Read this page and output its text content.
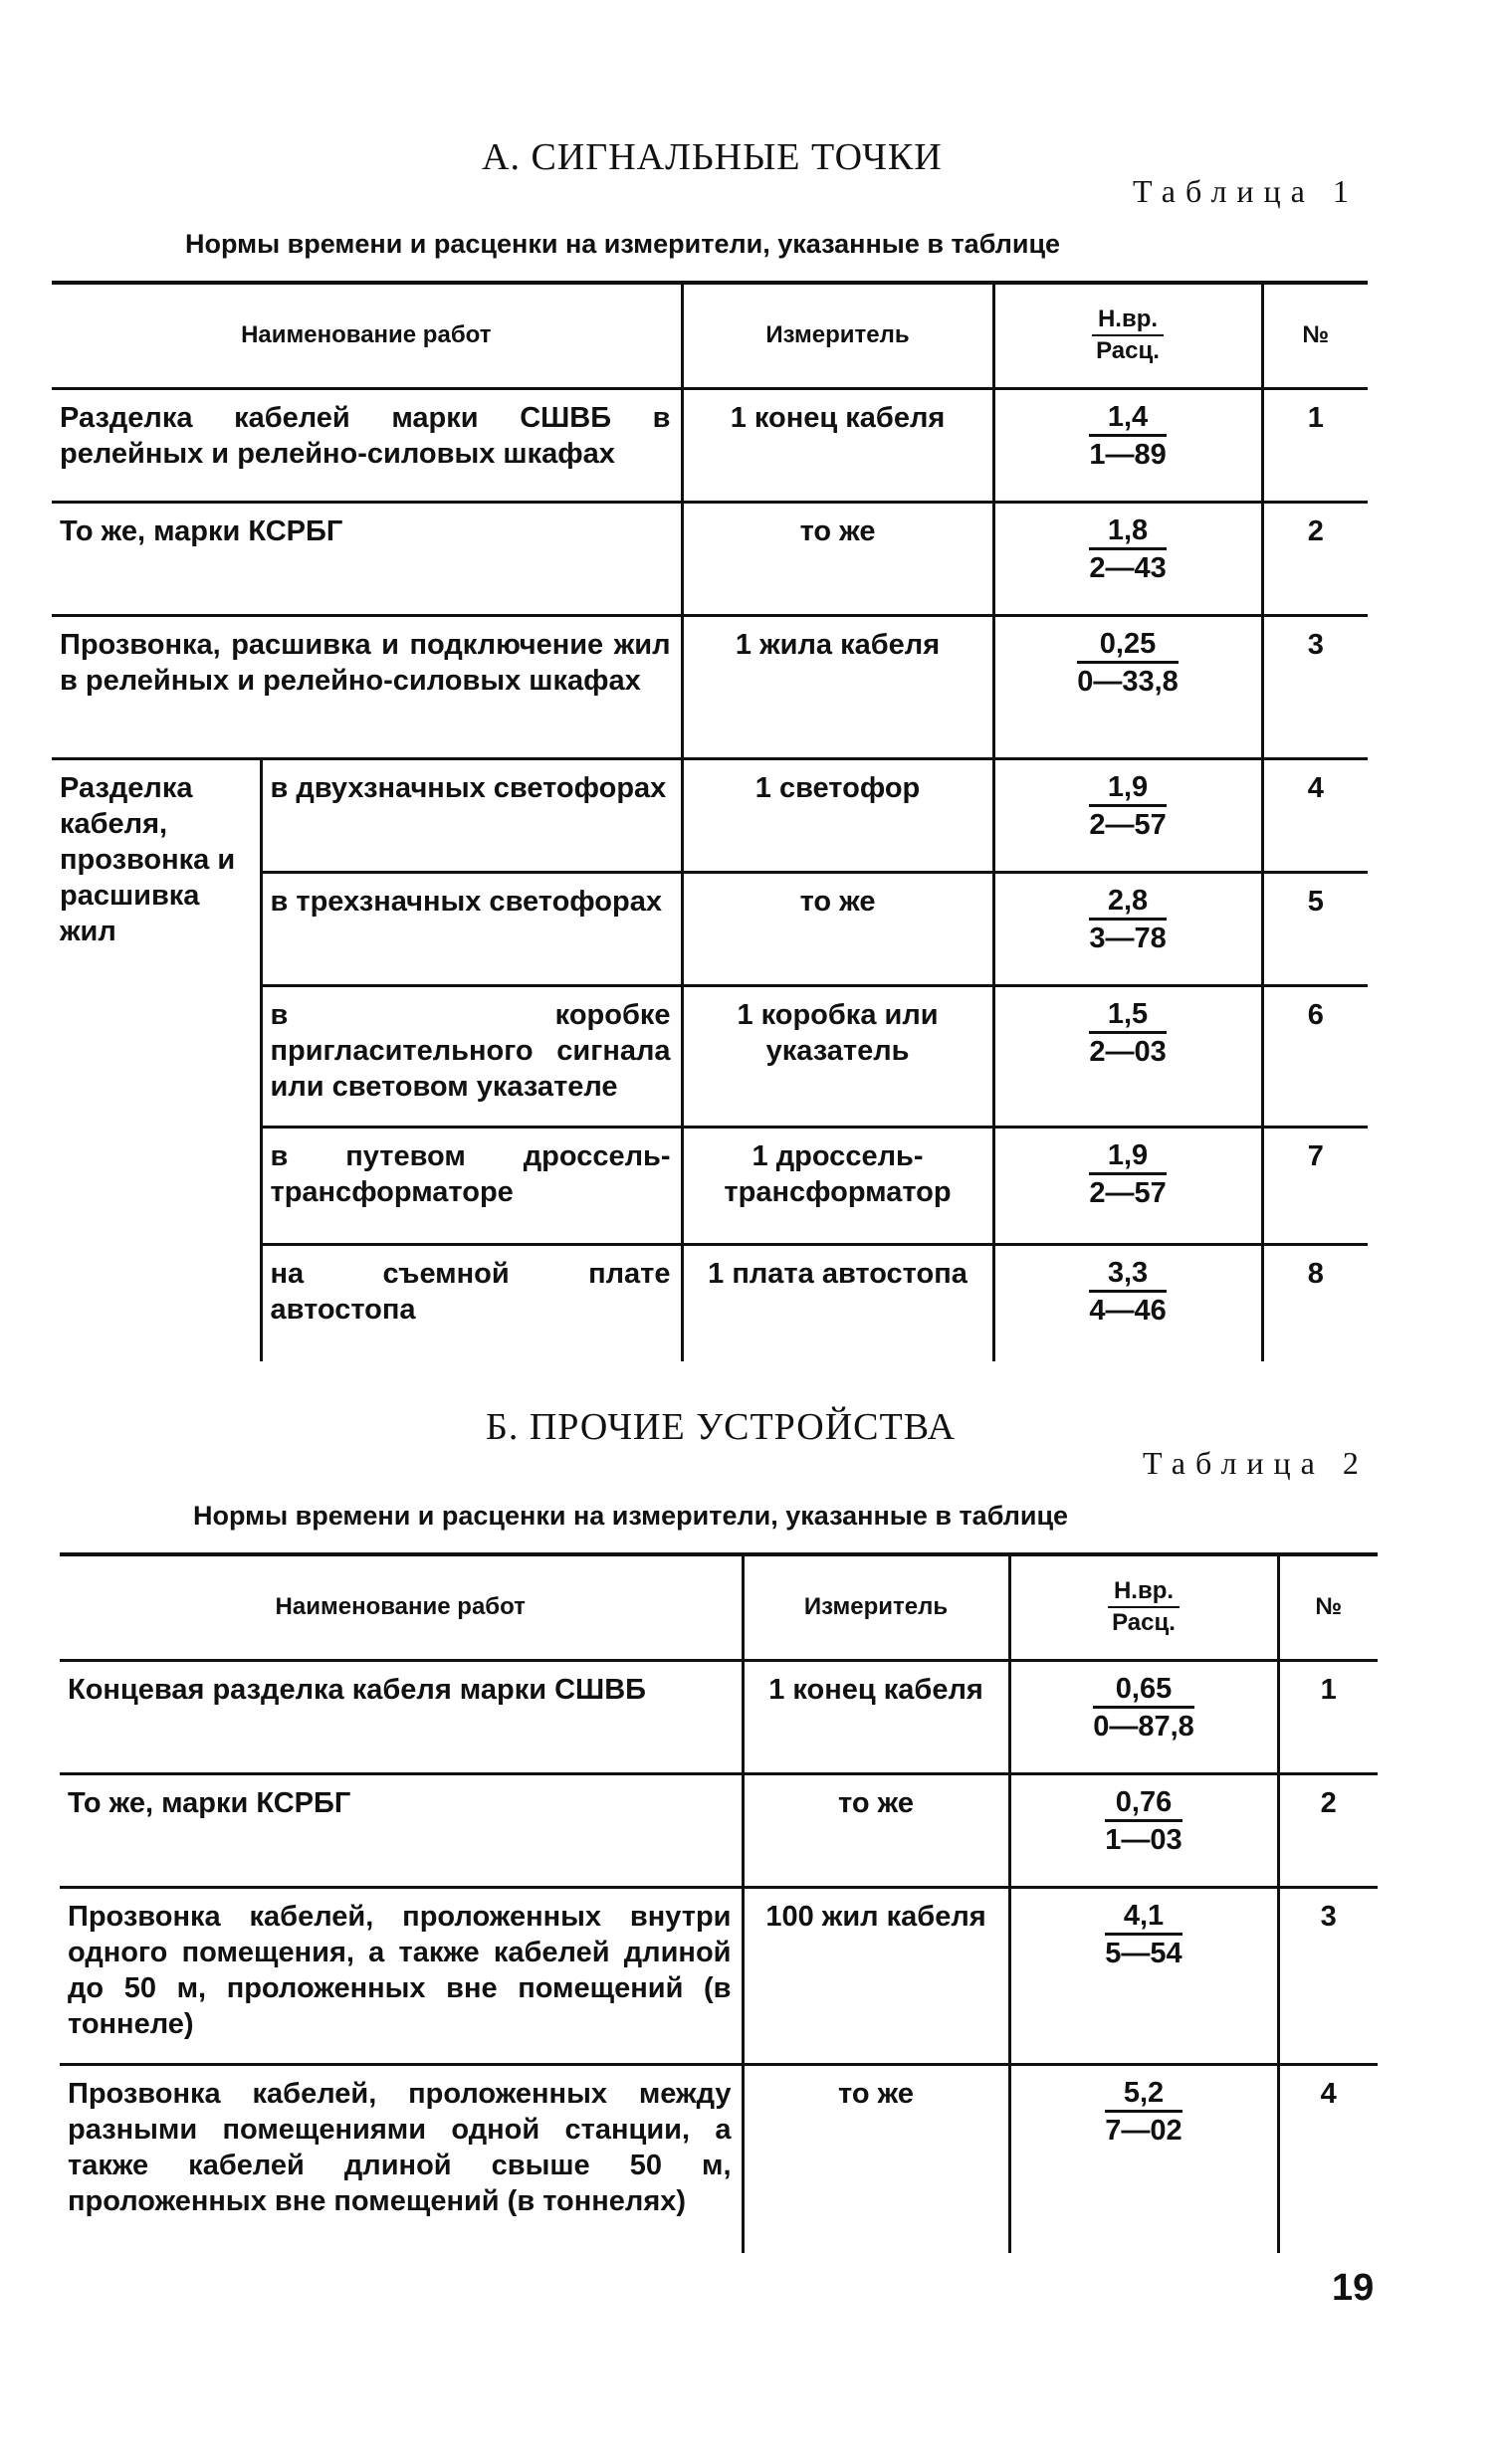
А. СИГНАЛЬНЫЕ ТОЧКИ
Таблица 1
Нормы времени и расценки на измерители, указанные в таблице
Наименование работ		Измеритель	$\frac{Н.вр.}{\text{Расц.}}$	№
Разделка кабелей марки СШВБ в релейных и релейно-силовых шкафах		1 конец кабеля	$\frac{1,4}{1—89}$	1
То же, марки КСРБГ		то же	$\frac{1,8}{2—43}$	2
Прозвонка, расшивка и подключение жил в релейных и релейно-силовых шкафах		1 жила кабеля	$\frac{0,25}{0—33,8}$	3
Разделка кабеля, прозвонка и расшивка жил	в двухзначных светофорах	1 светофор	$\frac{1,9}{2—57}$	4
	в трехзначных светофорах	то же	$\frac{2,8}{3—78}$	5
	в коробке пригласительного сигнала или световом указателе	1 коробка или указатель	$\frac{1,5}{2—03}$	6
	в путевом дроссель-трансформаторе	1 дроссель-трансформатор	$\frac{1,9}{2—57}$	7
	на съемной плате автостопа	1 плата автостопа	$\frac{3,3}{4—46}$	8
Б. ПРОЧИЕ УСТРОЙСТВА
Таблица 2
Нормы времени и расценки на измерители, указанные в таблице
Наименование работ	Измеритель	$\frac{Н.вр.}{\text{Расц.}}$	№
Концевая разделка кабеля марки СШВБ	1 конец кабеля	$\frac{0,65}{0—87,8}$	1
То же, марки КСРБГ	то же	$\frac{0,76}{1—03}$	2
Прозвонка кабелей, проложенных внутри одного помещения, а также кабелей длиной до 50 м, проложенных вне помещений (в тоннеле)	100 жил кабеля	$\frac{4,1}{5—54}$	3
Прозвонка кабелей, проложенных между разными помещениями одной станции, а также кабелей длиной свыше 50 м, проложенных вне помещений (в тоннелях)	то же	$\frac{5,2}{7—02}$	4
19
